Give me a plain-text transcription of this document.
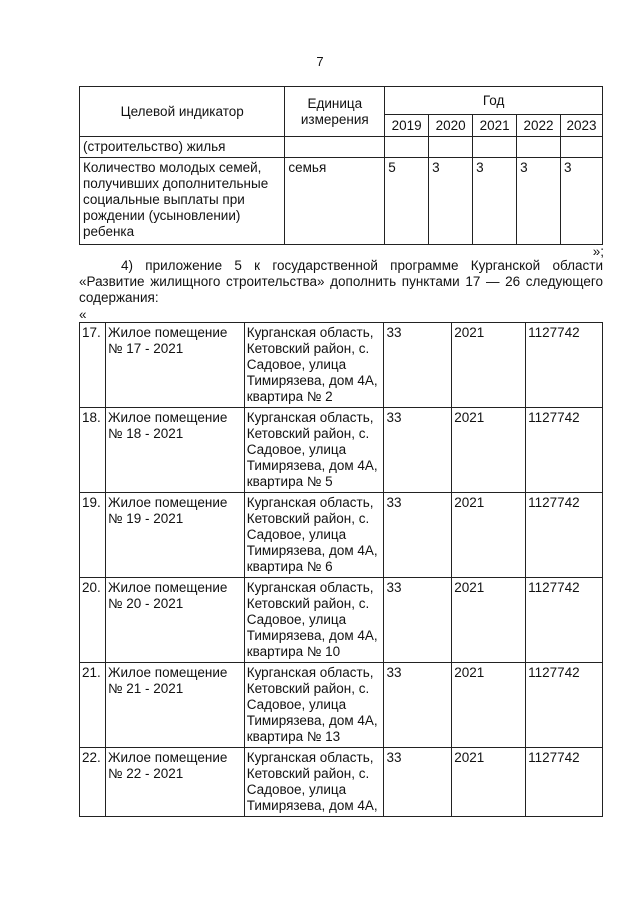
7
Целевой индикатор	Единица измерения	Год				
		2019	2020	2021	2022	2023
(строительство) жилья						
Количество молодых семей, получивших дополнительные социальные выплаты при рождении (усыновлении) ребенка	семья	5	3	3	3	3
»;
4) приложение 5 к государственной программе Курганской области «Развитие жилищного строительства» дополнить пунктами 17 — 26 следующего содержания:
«
17.	Жилое помещение № 17 - 2021	Курганская область, Кетовский район, с. Садовое, улица Тимирязева, дом 4А, квартира № 2	33	2021	1127742
18.	Жилое помещение № 18 - 2021	Курганская область, Кетовский район, с. Садовое, улица Тимирязева, дом 4А, квартира № 5	33	2021	1127742
19.	Жилое помещение № 19 - 2021	Курганская область, Кетовский район, с. Садовое, улица Тимирязева, дом 4А, квартира № 6	33	2021	1127742
20.	Жилое помещение № 20 - 2021	Курганская область, Кетовский район, с. Садовое, улица Тимирязева, дом 4А, квартира № 10	33	2021	1127742
21.	Жилое помещение № 21 - 2021	Курганская область, Кетовский район, с. Садовое, улица Тимирязева, дом 4А, квартира № 13	33	2021	1127742
22.	Жилое помещение № 22 - 2021	Курганская область, Кетовский район, с. Садовое, улица Тимирязева, дом 4А,	33	2021	1127742
